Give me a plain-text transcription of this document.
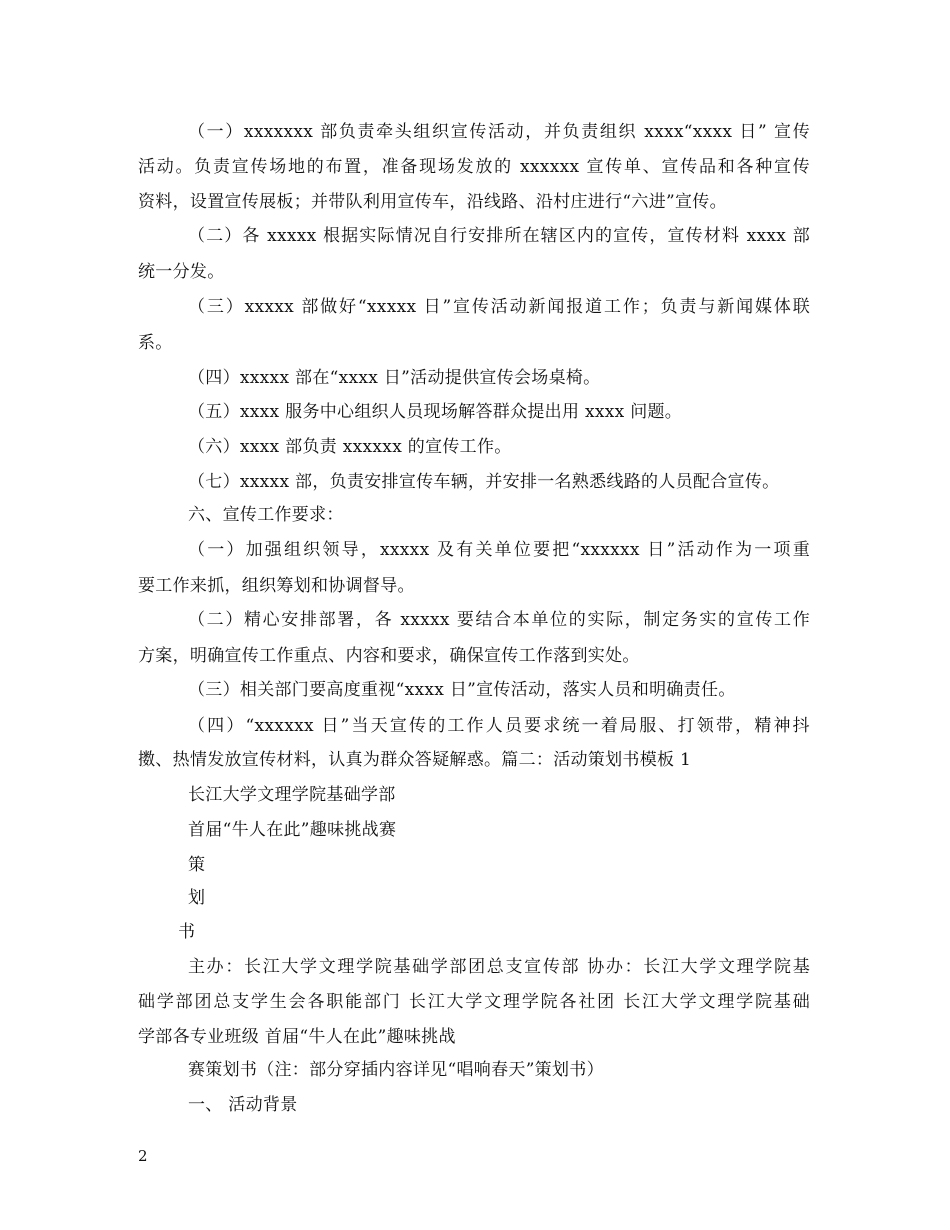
（一）xxxxxxx 部负责牵头组织宣传活动，并负责组织 xxxx“xxxx 日” 宣传
活动。负责宣传场地的布置，准备现场发放的 xxxxxx 宣传单、宣传品和各种宣传
资料，设置宣传展板；并带队利用宣传车，沿线路、沿村庄进行“六进”宣传。
（二）各 xxxxx 根据实际情况自行安排所在辖区内的宣传，宣传材料 xxxx 部
统一分发。
（三）xxxxx 部做好“xxxxx 日”宣传活动新闻报道工作；负责与新闻媒体联
系。
（四）xxxxx 部在“xxxx 日”活动提供宣传会场桌椅。
（五）xxxx 服务中心组织人员现场解答群众提出用 xxxx 问题。
（六）xxxx 部负责 xxxxxx 的宣传工作。
（七）xxxxx 部，负责安排宣传车辆，并安排一名熟悉线路的人员配合宣传。
六、宣传工作要求：
（一）加强组织领导，xxxxx 及有关单位要把“xxxxxx 日”活动作为一项重
要工作来抓，组织筹划和协调督导。
（二）精心安排部署，各 xxxxx 要结合本单位的实际，制定务实的宣传工作
方案，明确宣传工作重点、内容和要求，确保宣传工作落到实处。
（三）相关部门要高度重视“xxxx 日”宣传活动，落实人员和明确责任。
（四）“xxxxxx 日”当天宣传的工作人员要求统一着局服、打领带，精神抖
擞、热情发放宣传材料，认真为群众答疑解惑。篇二：活动策划书模板 1
长江大学文理学院基础学部
首届“牛人在此”趣味挑战赛
策
划
书
主办：长江大学文理学院基础学部团总支宣传部 协办：长江大学文理学院基
础学部团总支学生会各职能部门 长江大学文理学院各社团 长江大学文理学院基础
学部各专业班级 首届“牛人在此”趣味挑战
赛策划书（注：部分穿插内容详见“唱响春天”策划书）
一、 活动背景
2
